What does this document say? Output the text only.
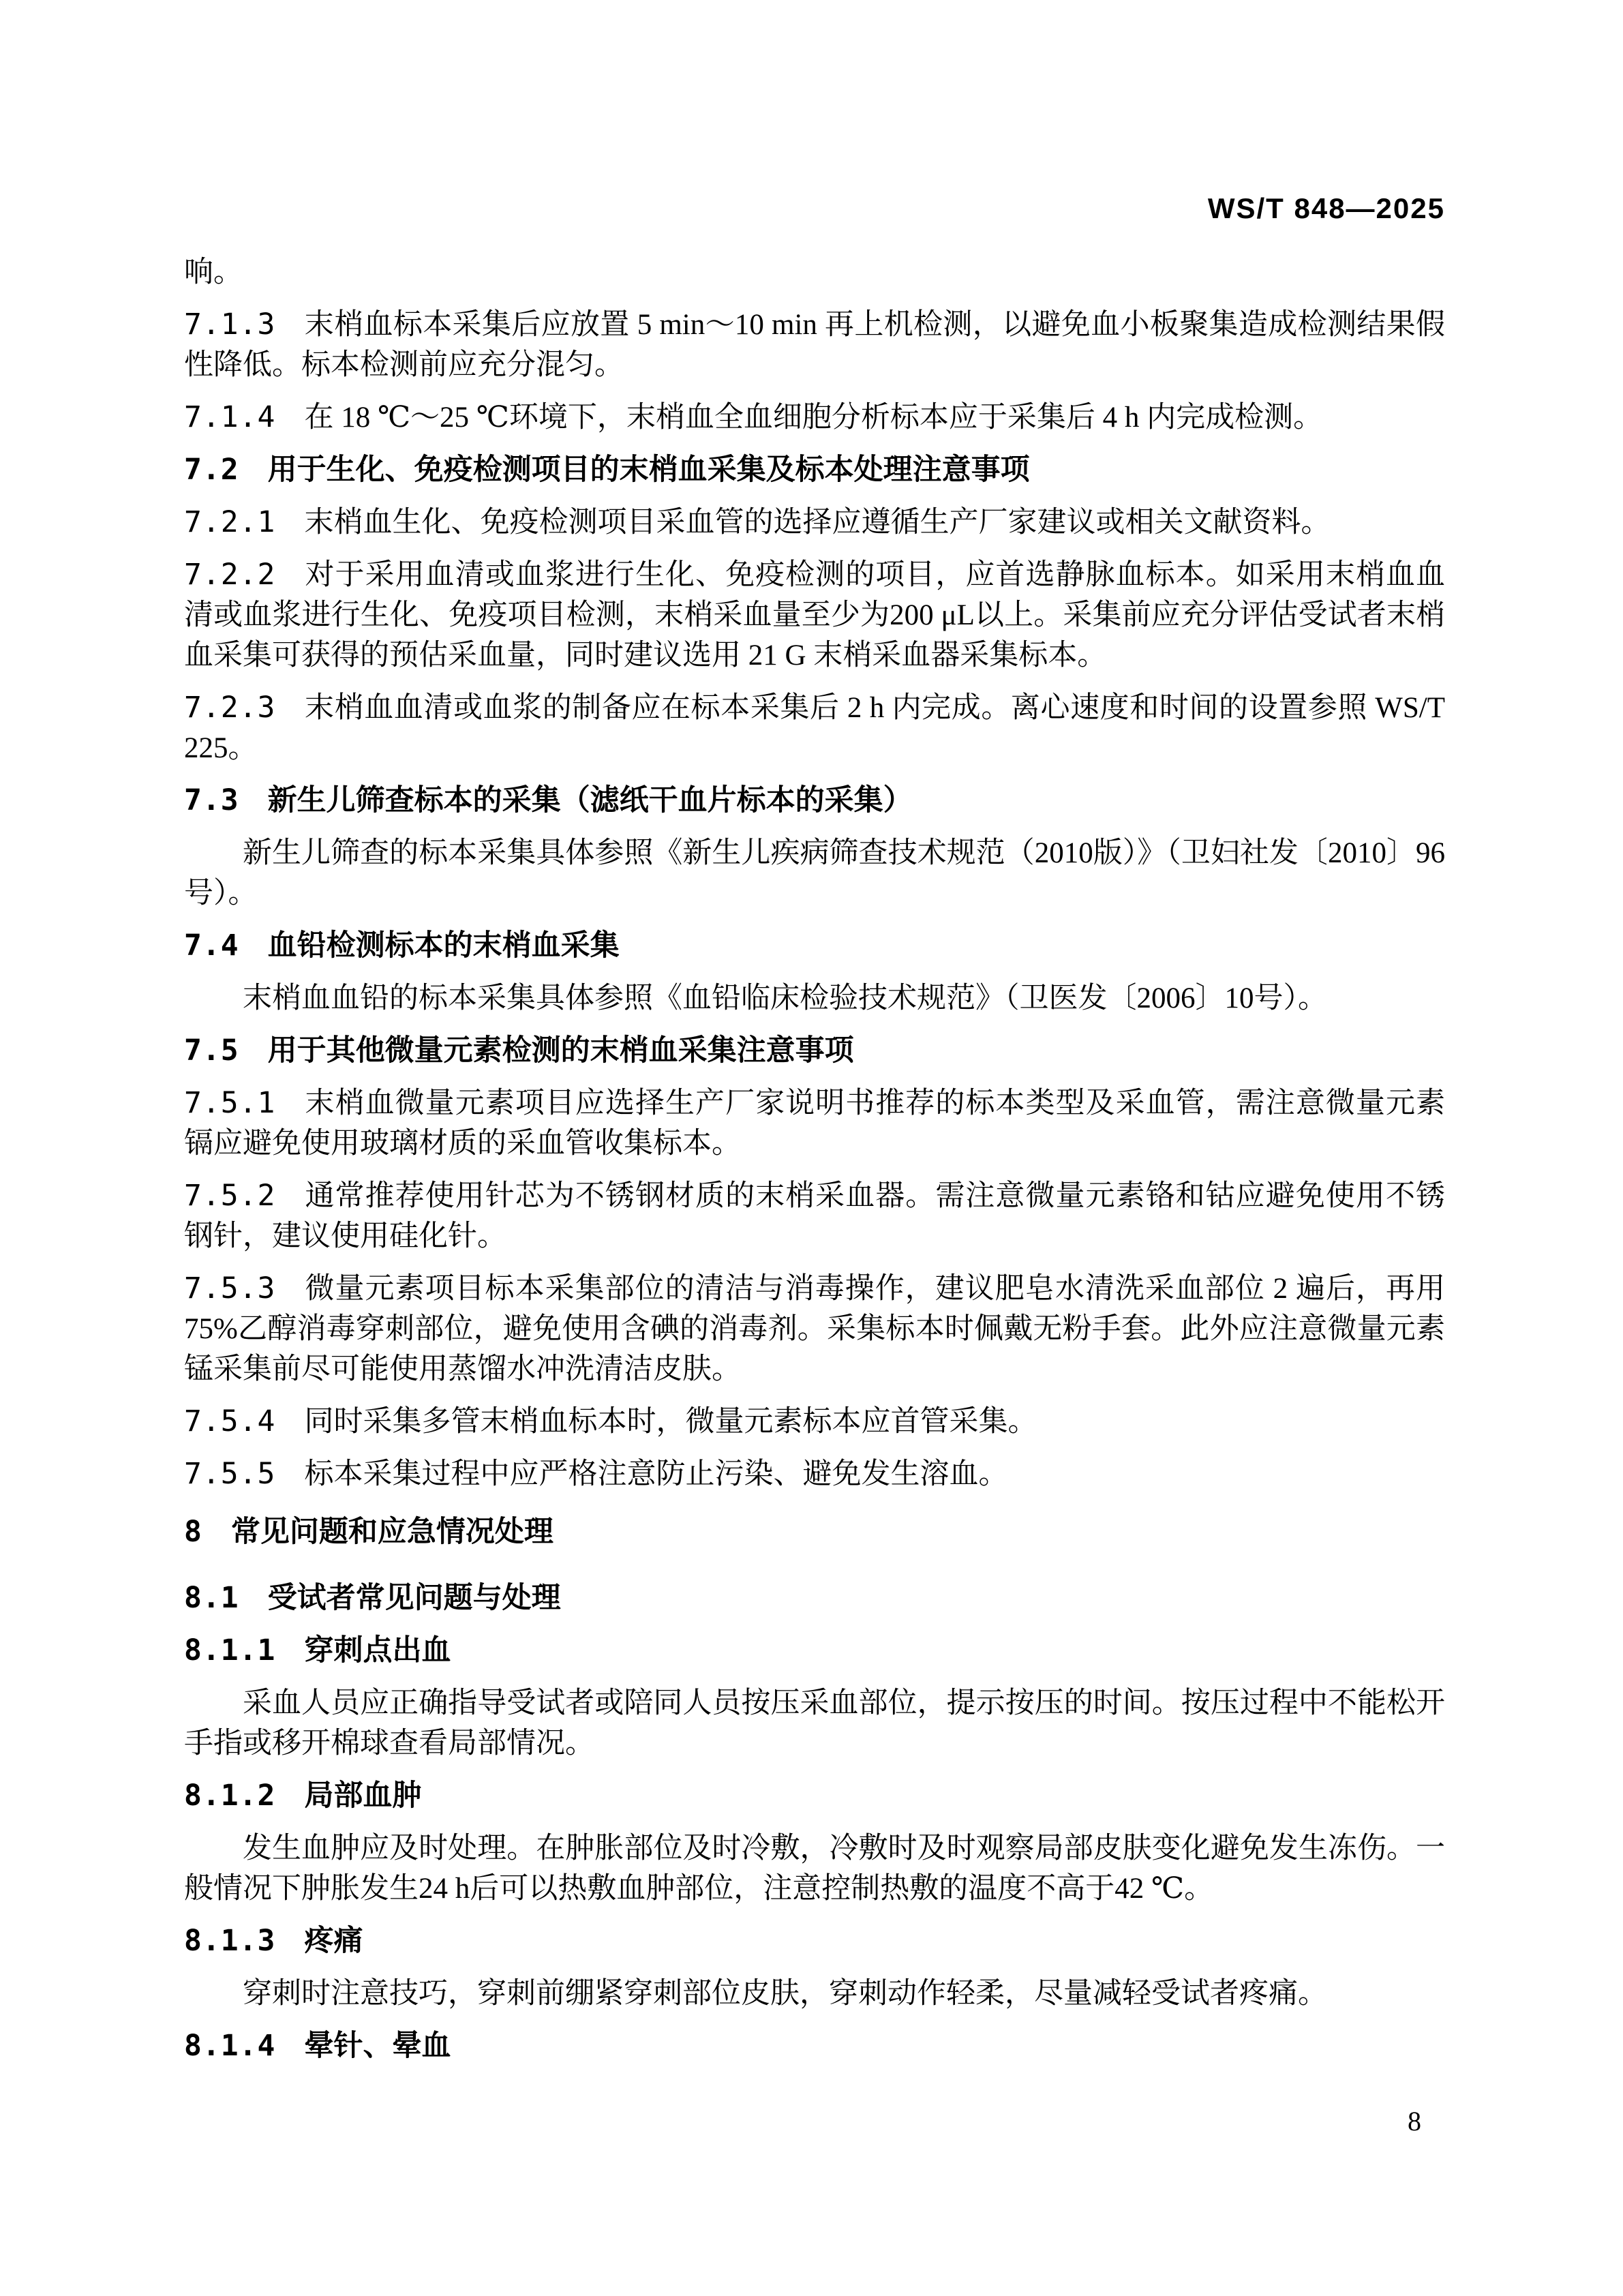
WS/T 848—2025

响。

7.1.3 末梢血标本采集后应放置 5 min～10 min 再上机检测，以避免血小板聚集造成检测结果假性降低。标本检测前应充分混匀。

7.1.4 在 18 ℃～25 ℃环境下，末梢血全血细胞分析标本应于采集后 4 h 内完成检测。

7.2 用于生化、免疫检测项目的末梢血采集及标本处理注意事项

7.2.1 末梢血生化、免疫检测项目采血管的选择应遵循生产厂家建议或相关文献资料。

7.2.2 对于采用血清或血浆进行生化、免疫检测的项目，应首选静脉血标本。如采用末梢血血清或血浆进行生化、免疫项目检测，末梢采血量至少为200 μL以上。采集前应充分评估受试者末梢血采集可获得的预估采血量，同时建议选用 21 G 末梢采血器采集标本。

7.2.3 末梢血血清或血浆的制备应在标本采集后 2 h 内完成。离心速度和时间的设置参照 WS/T 225。

7.3 新生儿筛查标本的采集（滤纸干血片标本的采集）

新生儿筛查的标本采集具体参照《新生儿疾病筛查技术规范（2010版）》（卫妇社发〔2010〕96号）。

7.4 血铅检测标本的末梢血采集

末梢血血铅的标本采集具体参照《血铅临床检验技术规范》（卫医发〔2006〕10号）。

7.5 用于其他微量元素检测的末梢血采集注意事项

7.5.1 末梢血微量元素项目应选择生产厂家说明书推荐的标本类型及采血管，需注意微量元素镉应避免使用玻璃材质的采血管收集标本。

7.5.2 通常推荐使用针芯为不锈钢材质的末梢采血器。需注意微量元素铬和钴应避免使用不锈钢针，建议使用硅化针。

7.5.3 微量元素项目标本采集部位的清洁与消毒操作，建议肥皂水清洗采血部位 2 遍后，再用 75%乙醇消毒穿刺部位，避免使用含碘的消毒剂。采集标本时佩戴无粉手套。此外应注意微量元素锰采集前尽可能使用蒸馏水冲洗清洁皮肤。

7.5.4 同时采集多管末梢血标本时，微量元素标本应首管采集。

7.5.5 标本采集过程中应严格注意防止污染、避免发生溶血。

8 常见问题和应急情况处理
8.1 受试者常见问题与处理
8.1.1 穿刺点出血

采血人员应正确指导受试者或陪同人员按压采血部位，提示按压的时间。按压过程中不能松开手指或移开棉球查看局部情况。

8.1.2 局部血肿

发生血肿应及时处理。在肿胀部位及时冷敷，冷敷时及时观察局部皮肤变化避免发生冻伤。一般情况下肿胀发生24 h后可以热敷血肿部位，注意控制热敷的温度不高于42 ℃。

8.1.3 疼痛

穿刺时注意技巧，穿刺前绷紧穿刺部位皮肤，穿刺动作轻柔，尽量减轻受试者疼痛。

8.1.4 晕针、晕血
8
